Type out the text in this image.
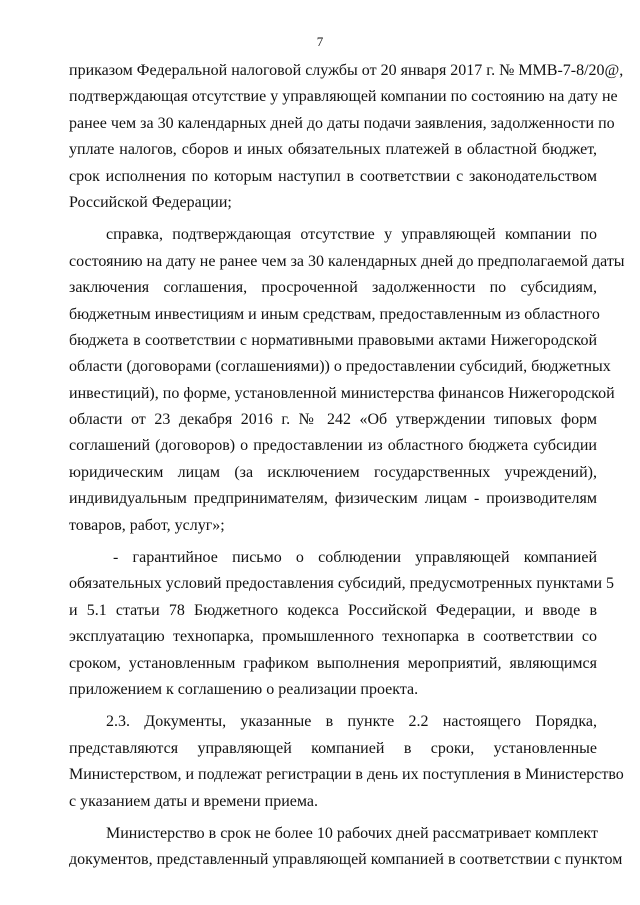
7
приказом Федеральной налоговой службы от 20 января 2017 г. № ММВ-7-8/20@,
подтверждающая отсутствие у управляющей компании по состоянию на дату не
ранее чем за 30 календарных дней до даты подачи заявления, задолженности по
уплате налогов, сборов и иных обязательных платежей в областной бюджет,
срок исполнения по которым наступил в соответствии с законодательством
Российской Федерации;
справка, подтверждающая отсутствие у управляющей компании по
состоянию на дату не ранее чем за 30 календарных дней до предполагаемой даты
заключения соглашения, просроченной задолженности по субсидиям,
бюджетным инвестициям и иным средствам, предоставленным из областного
бюджета в соответствии с нормативными правовыми актами Нижегородской
области (договорами (соглашениями)) о предоставлении субсидий, бюджетных
инвестиций), по форме, установленной министерства финансов Нижегородской
области от 23 декабря 2016 г. № 242 «Об утверждении типовых форм
соглашений (договоров) о предоставлении из областного бюджета субсидии
юридическим лицам (за исключением государственных учреждений),
индивидуальным предпринимателям, физическим лицам - производителям
товаров, работ, услуг»;
- гарантийное письмо о соблюдении управляющей компанией
обязательных условий предоставления субсидий, предусмотренных пунктами 5
и 5.1 статьи 78 Бюджетного кодекса Российской Федерации, и вводе в
эксплуатацию технопарка, промышленного технопарка в соответствии со
сроком, установленным графиком выполнения мероприятий, являющимся
приложением к соглашению о реализации проекта.
2.3. Документы, указанные в пункте 2.2 настоящего Порядка,
представляются управляющей компанией в сроки, установленные
Министерством, и подлежат регистрации в день их поступления в Министерство
с указанием даты и времени приема.
Министерство в срок не более 10 рабочих дней рассматривает комплект
документов, представленный управляющей компанией в соответствии с пунктом
